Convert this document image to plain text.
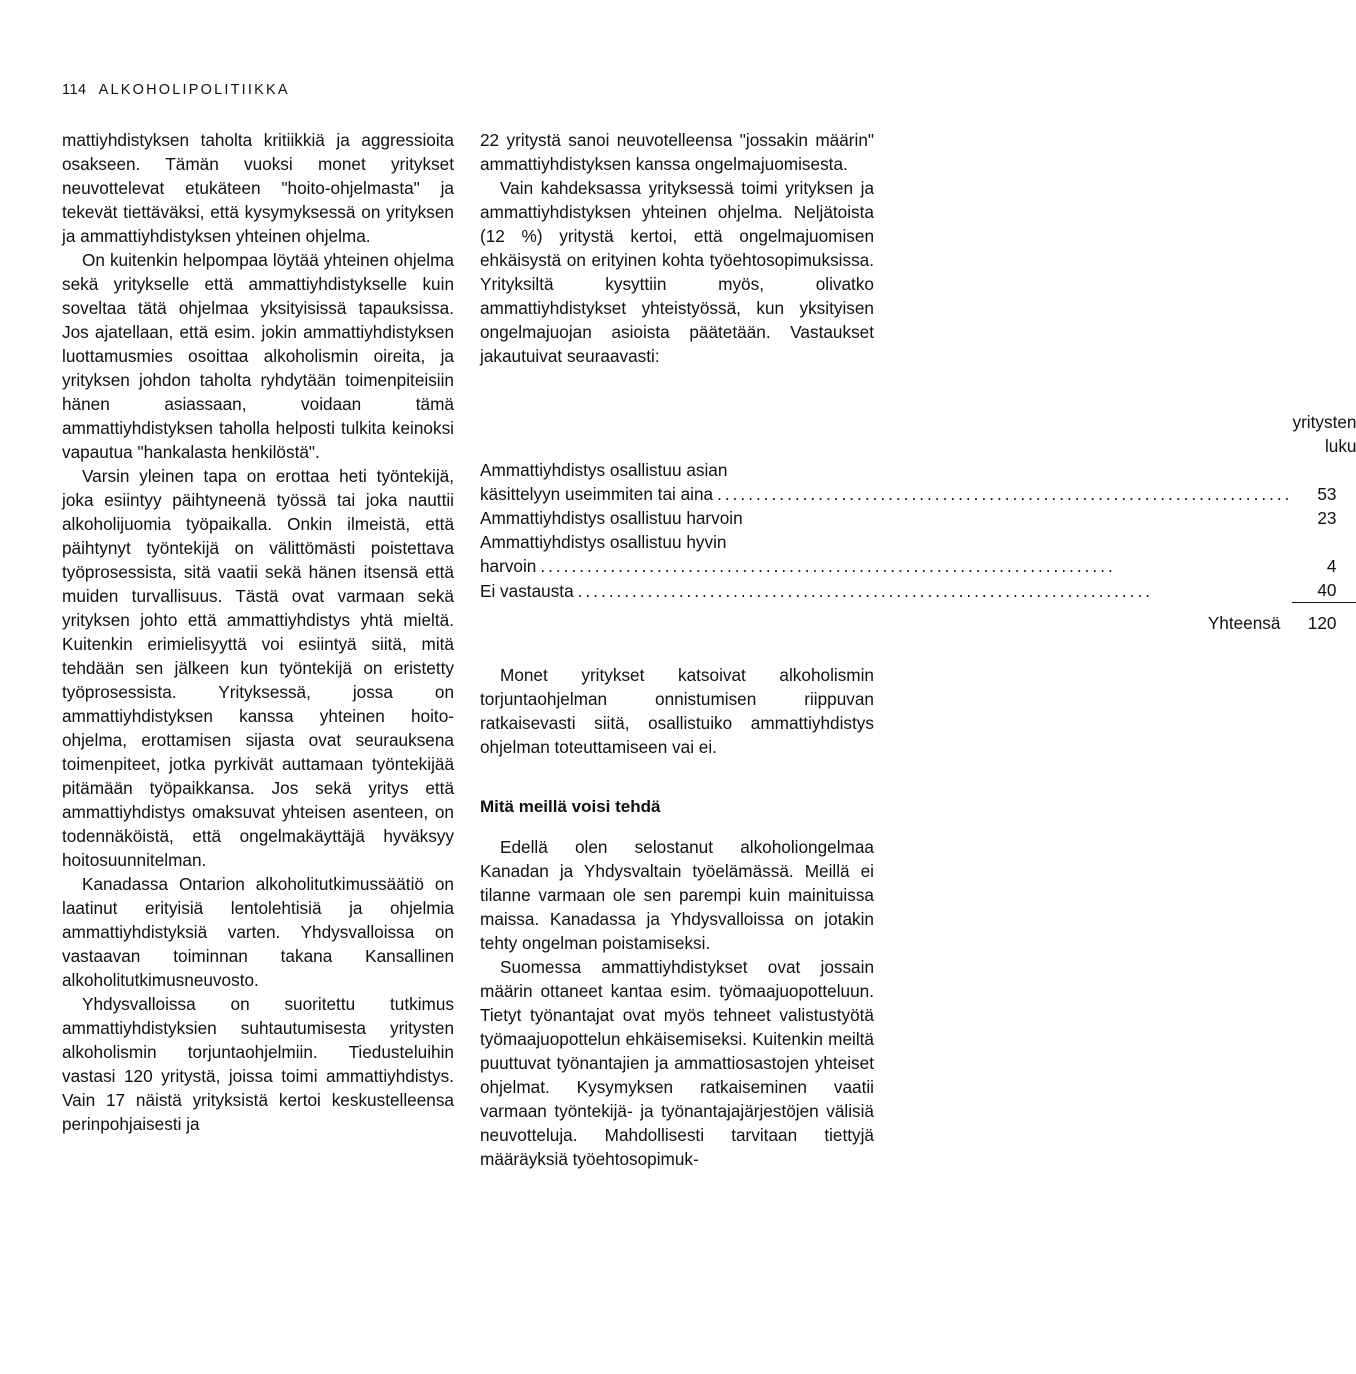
114 ALKOHOLIPOLITIIKKA

mattiyhdistyksen taholta kritiikkiä ja aggressioita osakseen. Tämän vuoksi monet yritykset neuvottelevat etukäteen "hoito-ohjelmasta" ja tekevät tiettäväksi, että kysymyksessä on yrityksen ja ammattiyhdistyksen yhteinen ohjelma.

On kuitenkin helpompaa löytää yhteinen ohjelma sekä yritykselle että ammattiyhdistykselle kuin soveltaa tätä ohjelmaa yksityisissä tapauksissa. Jos ajatellaan, että esim. jokin ammattiyhdistyksen luottamusmies osoittaa alkoholismin oireita, ja yrityksen johdon taholta ryhdytään toimenpiteisiin hänen asiassaan, voidaan tämä ammattiyhdistyksen taholla helposti tulkita keinoksi vapautua "hankalasta henkilöstä".

Varsin yleinen tapa on erottaa heti työntekijä, joka esiintyy päihtyneenä työssä tai joka nauttii alkoholijuomia työpaikalla. Onkin ilmeistä, että päihtynyt työntekijä on välittömästi poistettava työprosessista, sitä vaatii sekä hänen itsensä että muiden turvallisuus. Tästä ovat varmaan sekä yrityksen johto että ammattiyhdistys yhtä mieltä. Kuitenkin erimielisyyttä voi esiintyä siitä, mitä tehdään sen jälkeen kun työntekijä on eristetty työprosessista. Yrityksessä, jossa on ammattiyhdistyksen kanssa yhteinen hoito-ohjelma, erottamisen sijasta ovat seurauksena toimenpiteet, jotka pyrkivät auttamaan työntekijää pitämään työpaikkansa. Jos sekä yritys että ammattiyhdistys omaksuvat yhteisen asenteen, on todennäköistä, että ongelmakäyttäjä hyväksyy hoitosuunnitelman.

Kanadassa Ontarion alkoholitutkimussäätiö on laatinut erityisiä lentolehtisiä ja ohjelmia ammattiyhdistyksiä varten. Yhdysvalloissa on vastaavan toiminnan takana Kansallinen alkoholitutkimusneuvosto.

Yhdysvalloissa on suoritettu tutkimus ammattiyhdistyksien suhtautumisesta yritysten alkoholismin torjuntaohjelmiin. Tiedusteluihin vastasi 120 yritystä, joissa toimi ammattiyhdistys. Vain 17 näistä yrityksistä kertoi keskustelleensa perinpohjaisesti ja

22 yritystä sanoi neuvotelleensa "jossakin määrin" ammattiyhdistyksen kanssa ongelmajuomisesta.

Vain kahdeksassa yrityksessä toimi yrityksen ja ammattiyhdistyksen yhteinen ohjelma. Neljätoista (12 %) yritystä kertoi, että ongelmajuomisen ehkäisystä on erityinen kohta työehtosopimuksissa. Yrityksiltä kysyttiin myös, olivatko ammattiyhdistykset yhteistyössä, kun yksityisen ongelmajuojan asioista päätetään. Vastaukset jakautuivat seuraavasti:

	yritysten luku

Ammattiyhdistys osallistuu asian
käsittelyyn useimmiten tai aina
.....	53
Ammattiyhdistys osallistuu harvoin	23

Ammattiyhdistys osallistuu hyvin
harvoin
.....	4

Ei vastausta
.....	40
Yhteensä	120

Monet yritykset katsoivat alkoholismin torjuntaohjelman onnistumisen riippuvan ratkaisevasti siitä, osallistuiko ammattiyhdistys ohjelman toteuttamiseen vai ei.

Mitä meillä voisi tehdä

Edellä olen selostanut alkoholiongelmaa Kanadan ja Yhdysvaltain työelämässä. Meillä ei tilanne varmaan ole sen parempi kuin mainituissa maissa. Kanadassa ja Yhdysvalloissa on jotakin tehty ongelman poistamiseksi.

Suomessa ammattiyhdistykset ovat jossain määrin ottaneet kantaa esim. työmaajuopotteluun. Tietyt työnantajat ovat myös tehneet valistustyötä työmaajuopottelun ehkäisemiseksi. Kuitenkin meiltä puuttuvat työnantajien ja ammattiosastojen yhteiset ohjelmat. Kysymyksen ratkaiseminen vaatii varmaan työntekijä- ja työnantajajärjestöjen välisiä neuvotteluja. Mahdollisesti tarvitaan tiettyjä määräyksiä työehtosopimuk-
